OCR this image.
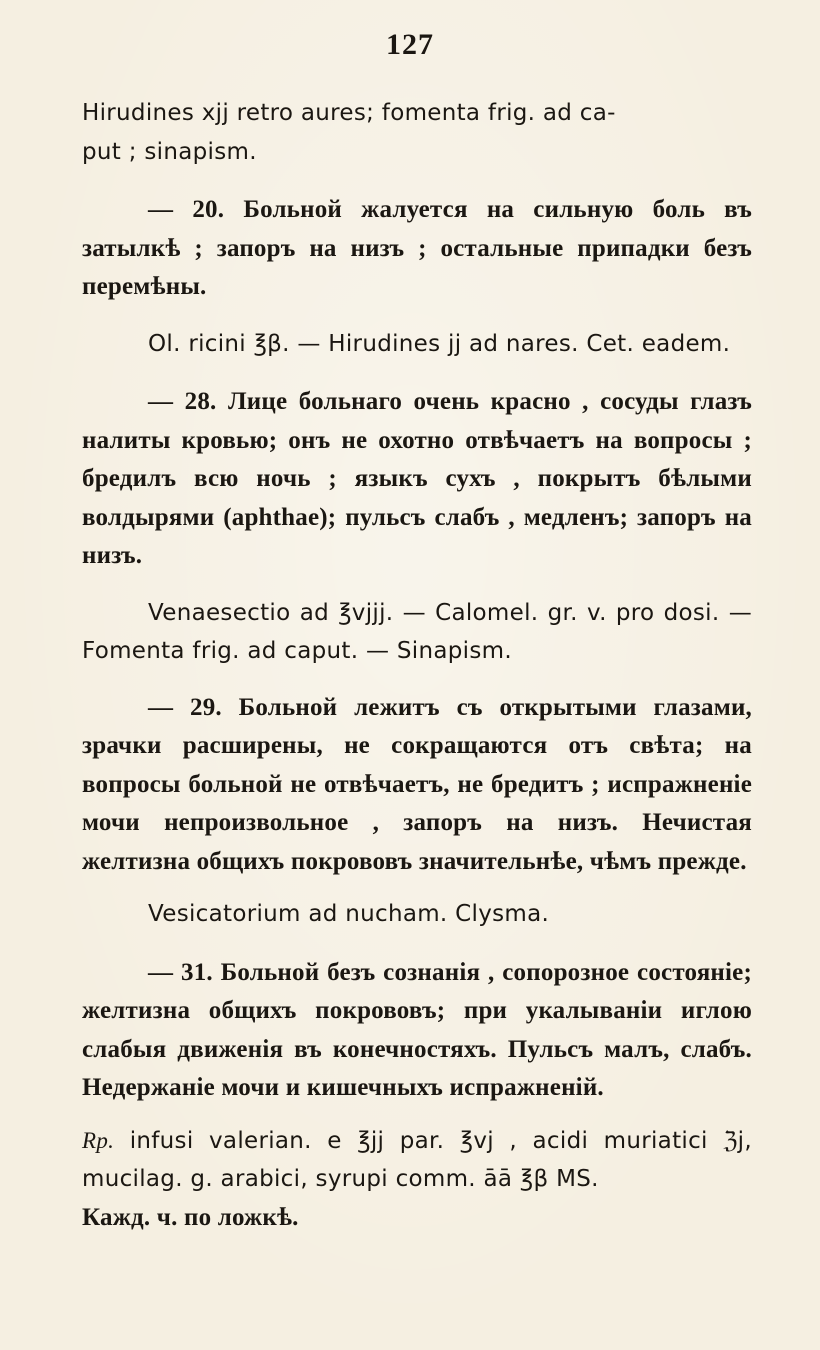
127

Hirudines xjj retro aures; fomenta frig. ad ca-
put ; sinapism.

— 20. Больной жалуется на сильную боль въ затылкѣ ; запоръ на низъ ; остальные припадки безъ перемѣны.

Ol. ricini ℥β. — Hirudines jj ad nares. Cet. eadem.

— 28. Лице больнаго очень красно , сосуды глазъ налиты кровью; онъ не охотно отвѣчаетъ на вопросы ; бредилъ всю ночь ; языкъ сухъ , покрытъ бѣлыми волдырями (aphthae); пульсъ слабъ , медленъ; запоръ на низъ.

Venaesectio ad ℥vjjj. — Calomel. gr. v. pro dosi. — Fomenta frig. ad caput. — Sinapism.

— 29. Больной лежитъ съ открытыми глазами, зрачки расширены, не сокращаются отъ свѣта; на вопросы больной не отвѣчаетъ, не бредитъ ; испражненіе мочи непроизвольное , запоръ на низъ. Нечистая желтизна общихъ покрововъ значительнѣе, чѣмъ прежде.

Vesicatorium ad nucham. Clysma.

— 31. Больной безъ сознанія , сопорозное состояніе; желтизна общихъ покрововъ; при укалываніи иглою слабыя движенія въ конечностяхъ. Пульсъ малъ, слабъ. Недержаніе мочи и кишечныхъ испражненій.

Rp. infusi valerian. e ℥jj par. ℥vj , acidi muriatici ℨj, mucilag. g. arabici, syrupi comm. āā ℥β MS.
Кажд. ч. по ложкѣ.
